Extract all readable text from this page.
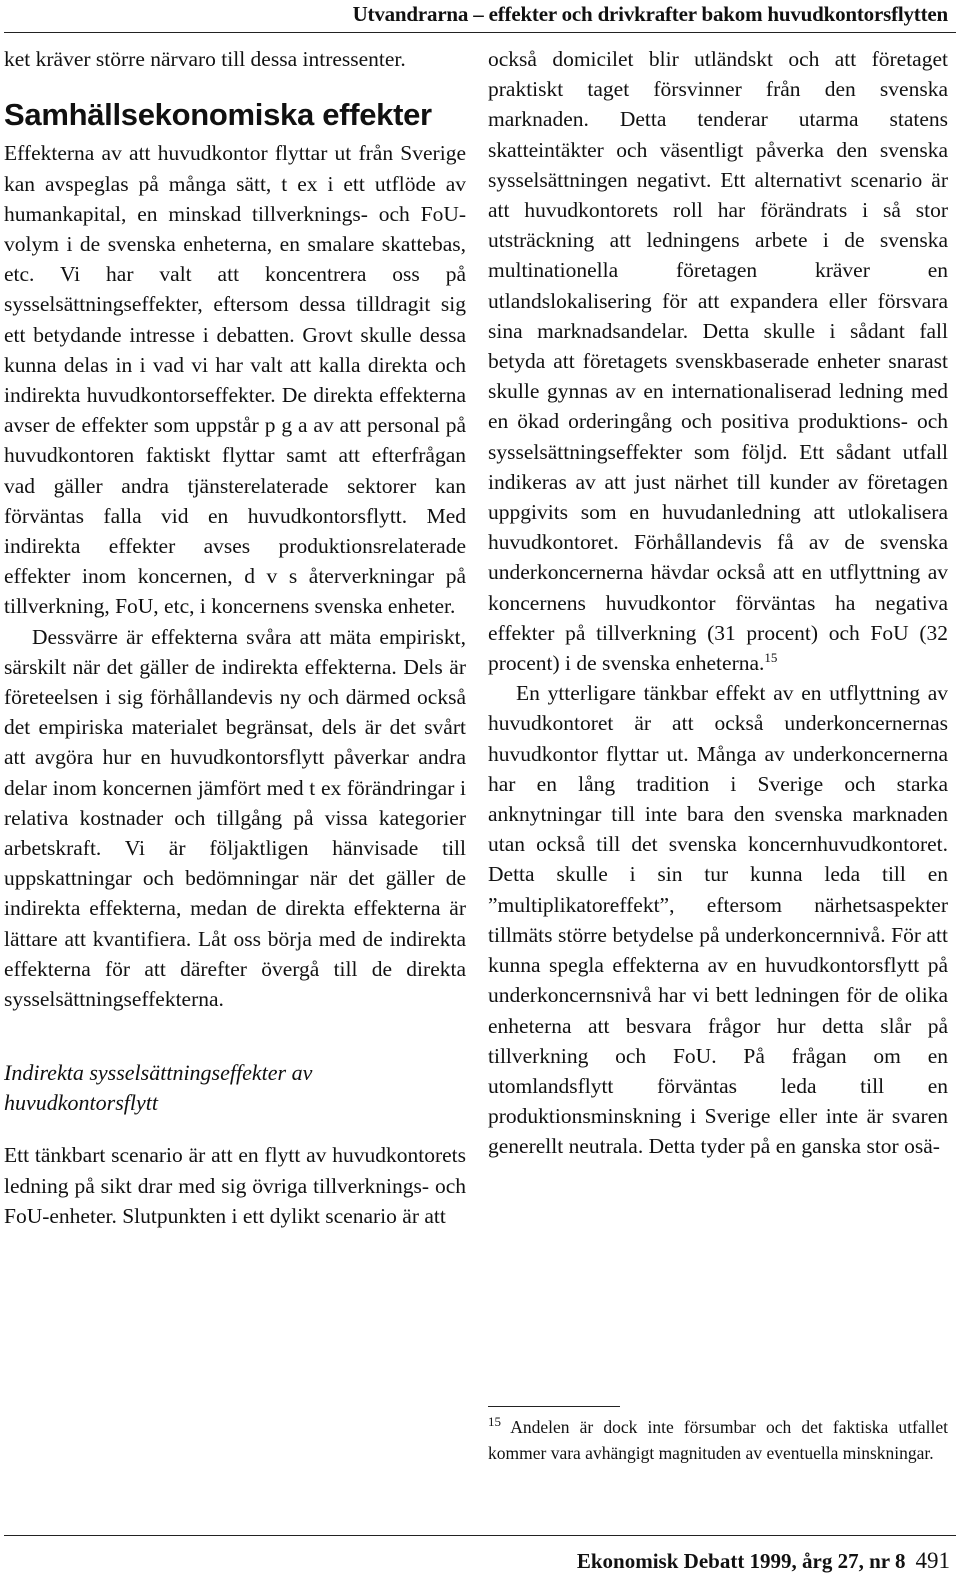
Utvandrarna – effekter och drivkrafter bakom huvudkontorsflytten

ket kräver större närvaro till dessa intressenter.

Samhällsekonomiska effekter

Effekterna av att huvudkontor flyttar ut från Sverige kan avspeglas på många sätt, t ex i ett utflöde av humankapital, en minskad tillverknings- och FoU-volym i de svenska enheterna, en smalare skattebas, etc. Vi har valt att koncentrera oss på sysselsättningseffekter, eftersom dessa tilldragit sig ett betydande intresse i debatten. Grovt skulle dessa kunna delas in i vad vi har valt att kalla direkta och indirekta huvudkontorseffekter. De direkta effekterna avser de effekter som uppstår p g a av att personal på huvudkontoren faktiskt flyttar samt att efterfrågan vad gäller andra tjänsterelaterade sektorer kan förväntas falla vid en huvudkontorsflytt. Med indirekta effekter avses produktionsrelaterade effekter inom koncernen, d v s återverkningar på tillverkning, FoU, etc, i koncernens svenska enheter.

Dessvärre är effekterna svåra att mäta empiriskt, särskilt när det gäller de indirekta effekterna. Dels är företeelsen i sig förhållandevis ny och därmed också det empiriska materialet begränsat, dels är det svårt att avgöra hur en huvudkontorsflytt påverkar andra delar inom koncernen jämfört med t ex förändringar i relativa kostnader och tillgång på vissa kategorier arbetskraft. Vi är följaktligen hänvisade till uppskattningar och bedömningar när det gäller de indirekta effekterna, medan de direkta effekterna är lättare att kvantifiera. Låt oss börja med de indirekta effekterna för att därefter övergå till de direkta sysselsättningseffekterna.

Indirekta sysselsättningseffekter av huvudkontorsflytt

Ett tänkbart scenario är att en flytt av huvudkontorets ledning på sikt drar med sig övriga tillverknings- och FoU-enheter. Slutpunkten i ett dylikt scenario är att

också domicilet blir utländskt och att företaget praktiskt taget försvinner från den svenska marknaden. Detta tenderar utarma statens skatteintäkter och väsentligt påverka den svenska sysselsättningen negativt. Ett alternativt scenario är att huvudkontorets roll har förändrats i så stor utsträckning att ledningens arbete i de svenska multinationella företagen kräver en utlandslokalisering för att expandera eller försvara sina marknadsandelar. Detta skulle i sådant fall betyda att företagets svenskbaserade enheter snarast skulle gynnas av en internationaliserad ledning med en ökad orderingång och positiva produktions- och sysselsättningseffekter som följd. Ett sådant utfall indikeras av att just närhet till kunder av företagen uppgivits som en huvudanledning att utlokalisera huvudkontoret. Förhållandevis få av de svenska underkoncernerna hävdar också att en utflyttning av koncernens huvudkontor förväntas ha negativa effekter på tillverkning (31 procent) och FoU (32 procent) i de svenska enheterna.$^{15}$

En ytterligare tänkbar effekt av en utflyttning av huvudkontoret är att också underkoncernernas huvudkontor flyttar ut. Många av underkoncernerna har en lång tradition i Sverige och starka anknytningar till inte bara den svenska marknaden utan också till det svenska koncernhuvudkontoret. Detta skulle i sin tur kunna leda till en ”multiplikatoreffekt”, eftersom närhetsaspekter tillmäts större betydelse på underkoncernnivå. För att kunna spegla effekterna av en huvudkontorsflytt på underkoncernsnivå har vi bett ledningen för de olika enheterna att besvara frågor hur detta slår på tillverkning och FoU. På frågan om en utomlandsflytt förväntas leda till en produktionsminskning i Sverige eller inte är svaren generellt neutrala. Detta tyder på en ganska stor osä-

$^{15}$ Andelen är dock inte försumbar och det faktiska utfallet kommer vara avhängigt magnituden av eventuella minskningar.
Ekonomisk Debatt 1999, årg 27, nr 8 491
